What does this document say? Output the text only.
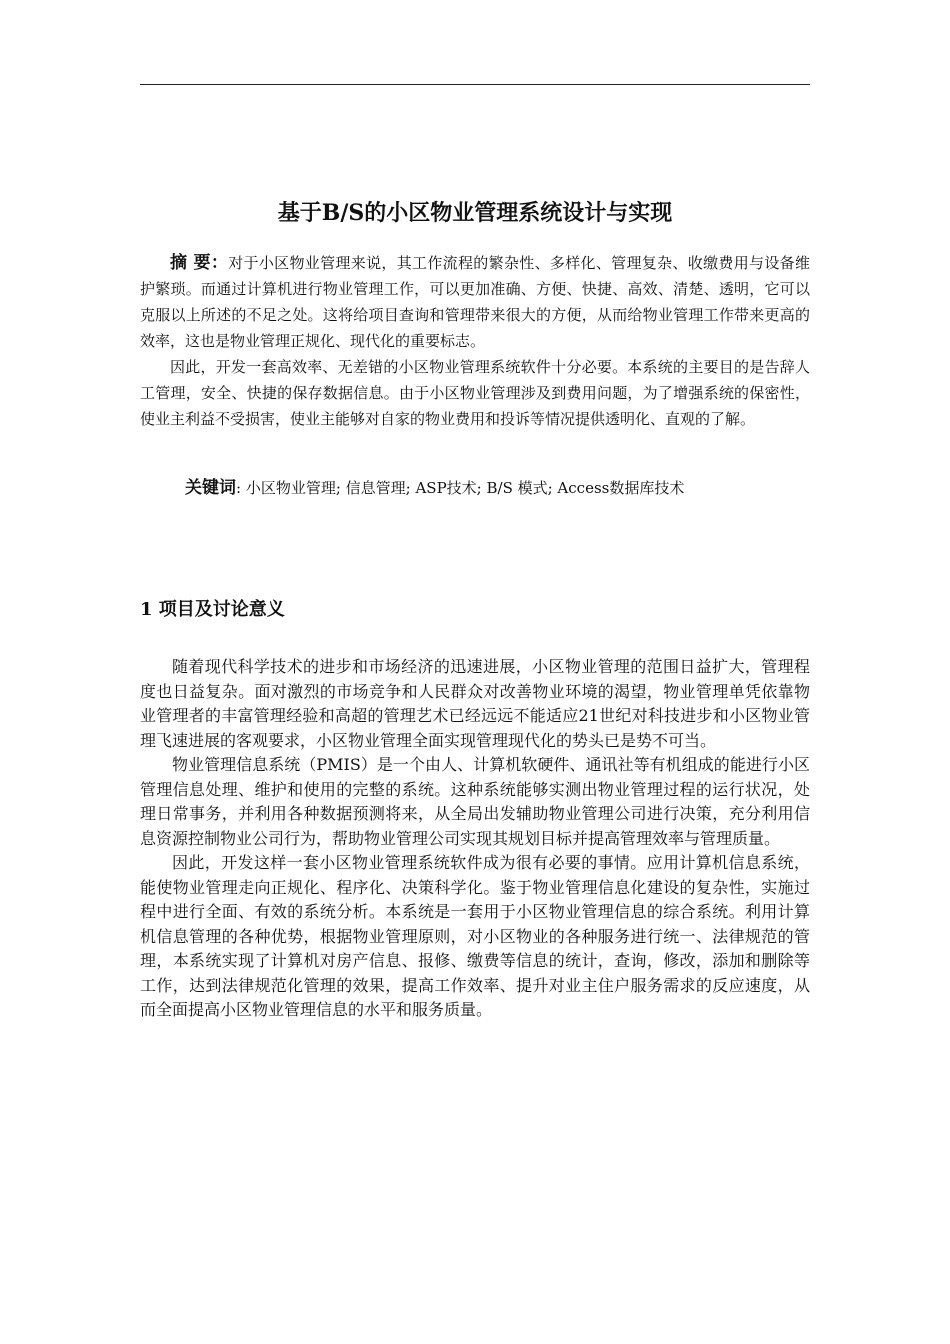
基于B/S的小区物业管理系统设计与实现

摘 要：对于小区物业管理来说，其工作流程的繁杂性、多样化、管理复杂、收缴费用与设备维护繁琐。而通过计算机进行物业管理工作，可以更加准确、方便、快捷、高效、清楚、透明，它可以克服以上所述的不足之处。这将给项目查询和管理带来很大的方便，从而给物业管理工作带来更高的效率，这也是物业管理正规化、现代化的重要标志。

因此，开发一套高效率、无差错的小区物业管理系统软件十分必要。本系统的主要目的是告辞人工管理，安全、快捷的保存数据信息。由于小区物业管理涉及到费用问题，为了增强系统的保密性，使业主利益不受损害，使业主能够对自家的物业费用和投诉等情况提供透明化、直观的了解。

关键词: 小区物业管理; 信息管理; ASP技术; B/S 模式; Access数据库技术

1 项目及讨论意义

随着现代科学技术的进步和市场经济的迅速进展，小区物业管理的范围日益扩大，管理程度也日益复杂。面对激烈的市场竞争和人民群众对改善物业环境的渴望，物业管理单凭依靠物业管理者的丰富管理经验和高超的管理艺术已经远远不能适应21世纪对科技进步和小区物业管理飞速进展的客观要求，小区物业管理全面实现管理现代化的势头已是势不可当。

物业管理信息系统（PMIS）是一个由人、计算机软硬件、通讯社等有机组成的能进行小区管理信息处理、维护和使用的完整的系统。这种系统能够实测出物业管理过程的运行状况，处理日常事务，并利用各种数据预测将来，从全局出发辅助物业管理公司进行决策，充分利用信息资源控制物业公司行为，帮助物业管理公司实现其规划目标并提高管理效率与管理质量。

因此，开发这样一套小区物业管理系统软件成为很有必要的事情。应用计算机信息系统，能使物业管理走向正规化、程序化、决策科学化。鉴于物业管理信息化建设的复杂性，实施过程中进行全面、有效的系统分析。本系统是一套用于小区物业管理信息的综合系统。利用计算机信息管理的各种优势，根据物业管理原则，对小区物业的各种服务进行统一、法律规范的管理，本系统实现了计算机对房产信息、报修、缴费等信息的统计，查询，修改，添加和删除等工作，达到法律规范化管理的效果，提高工作效率、提升对业主住户服务需求的反应速度，从而全面提高小区物业管理信息的水平和服务质量。
